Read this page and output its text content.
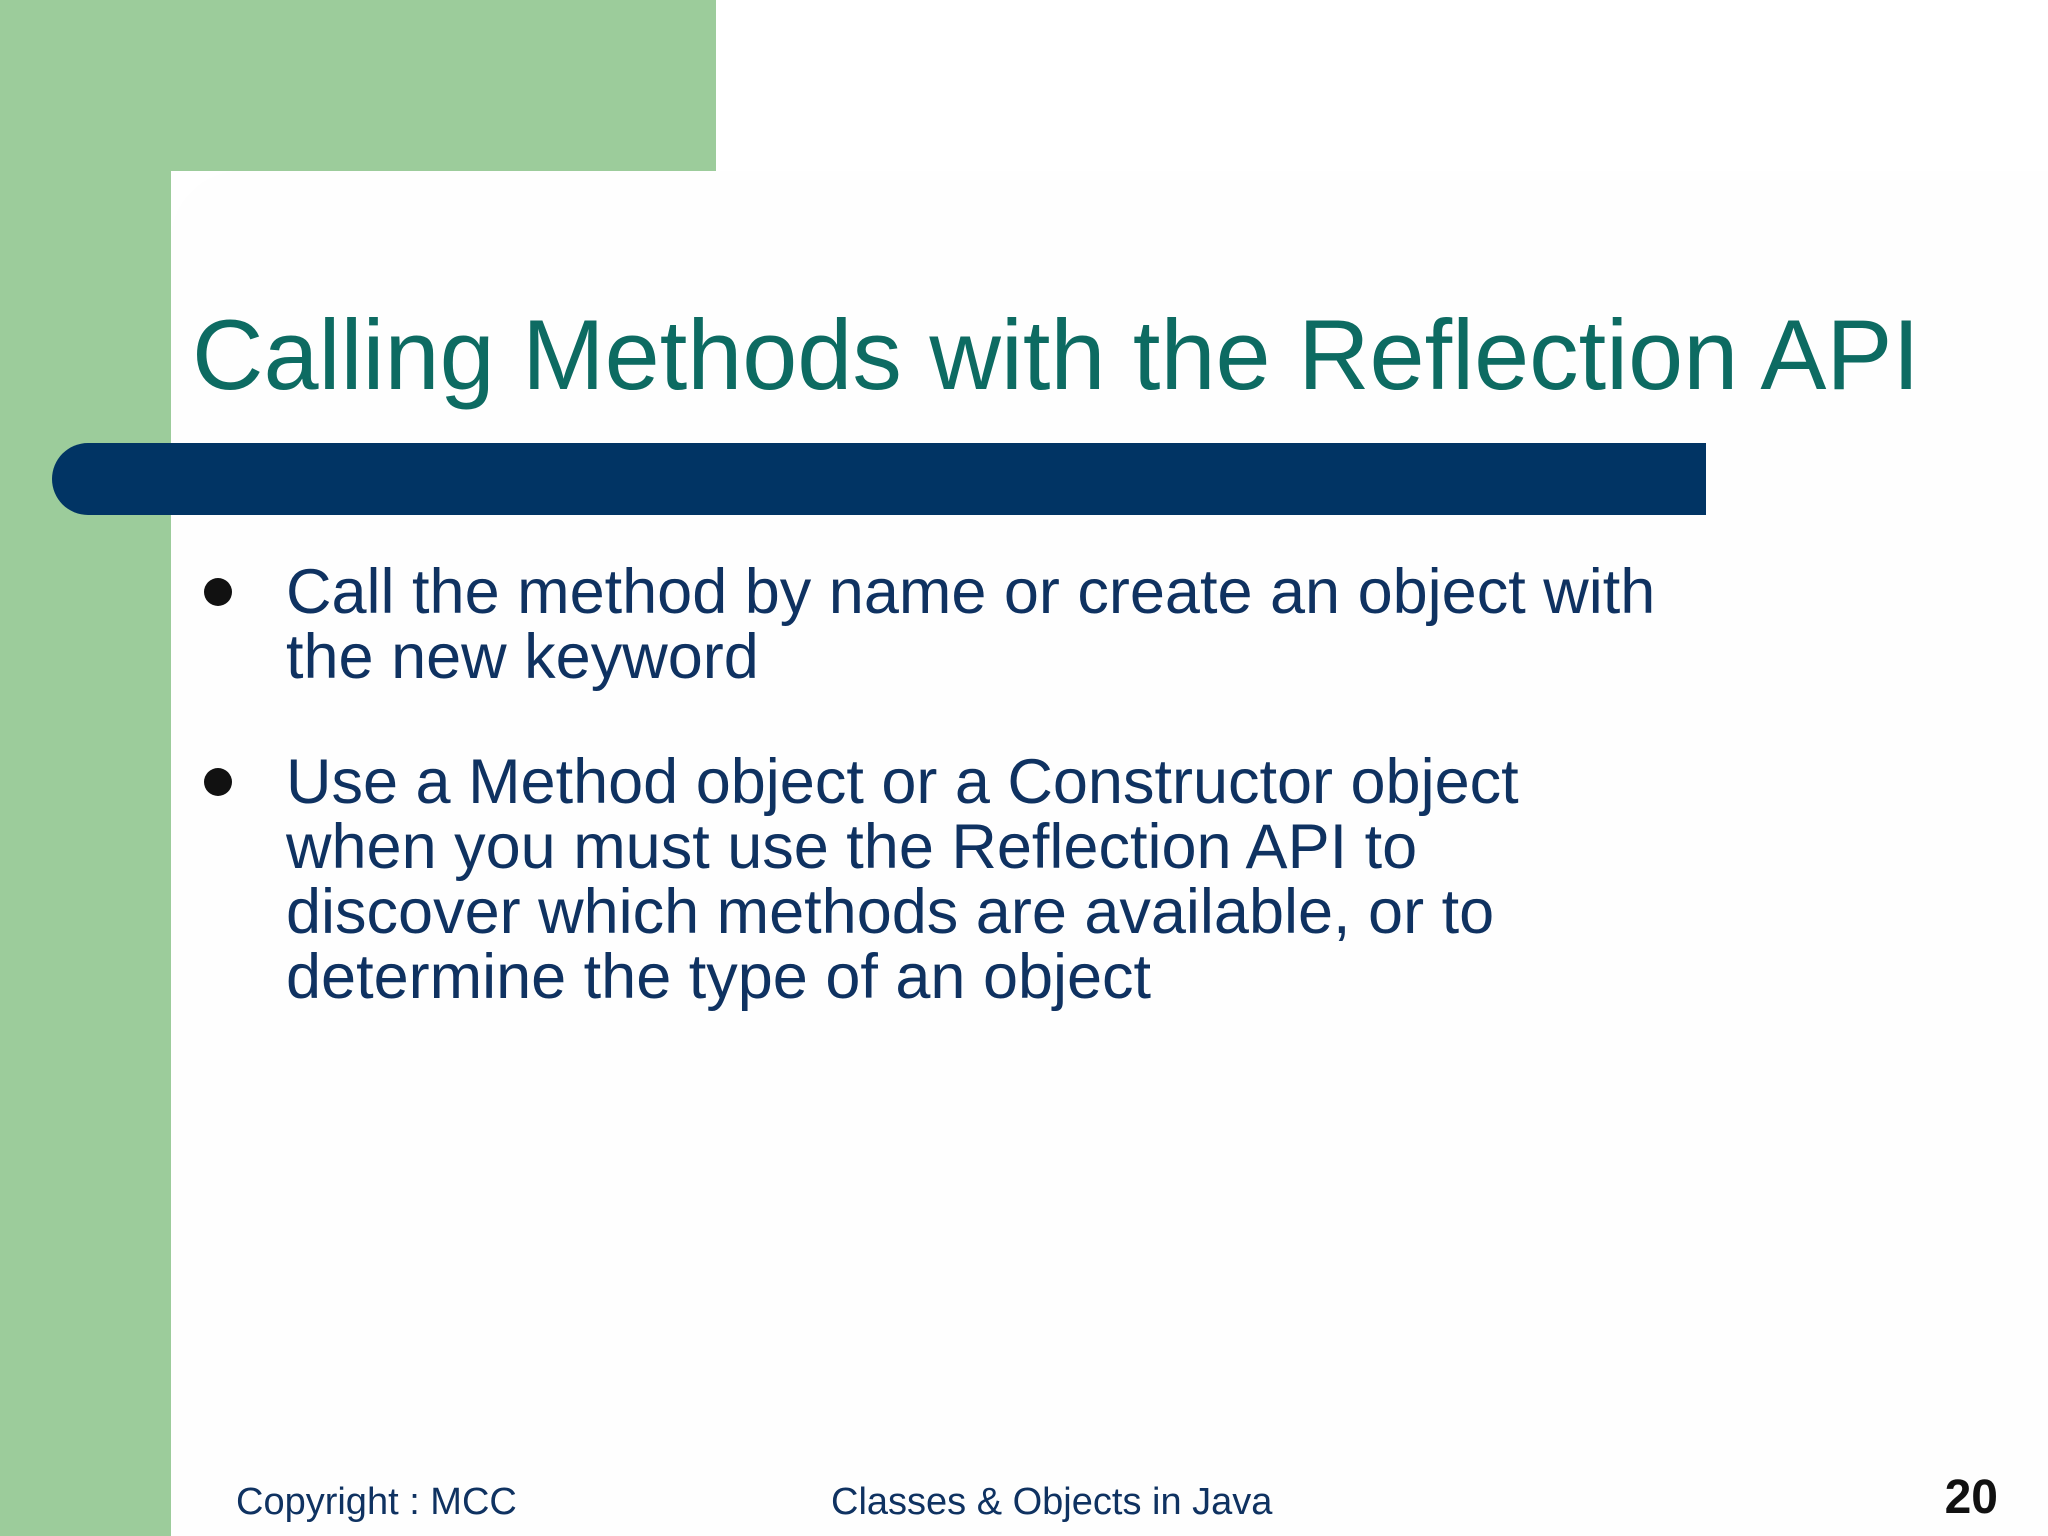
Calling Methods with the Reflection API
Call the method by name or create an object with
the new keyword
Use a Method object or a Constructor object
when you must use the Reflection API to
discover which methods are available, or to
determine the type of an object
Copyright : MCC	Classes & Objects in Java	20
